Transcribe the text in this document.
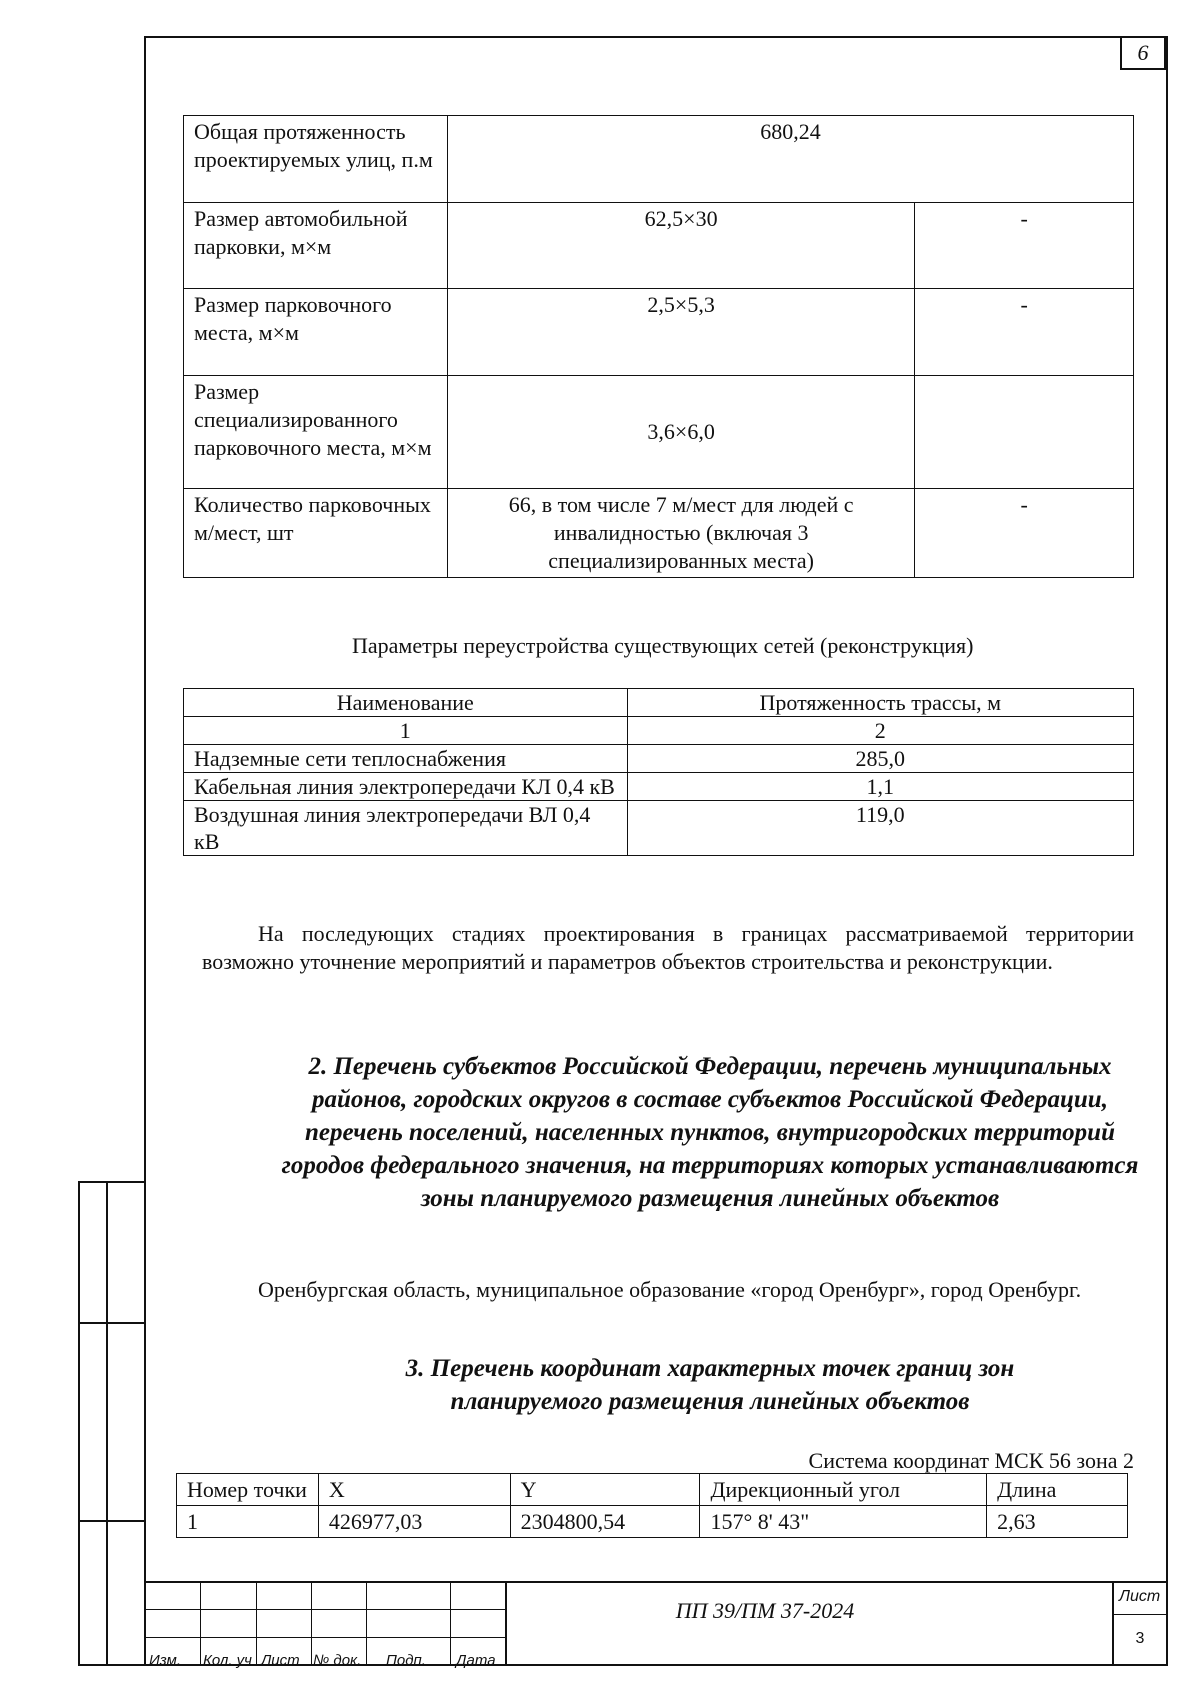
6
Общая протяженность проектируемых улиц, п.м	680,24	
Размер автомобильной парковки, м×м	62,5×30	-
Размер парковочного места, м×м	2,5×5,3	-
Размер специализированного парковочного места, м×м	3,6×6,0	
Количество парковочных м/мест, шт	66, в том числе 7 м/мест для людей с инвалидностью (включая 3 специализированных места)	-
Параметры переустройства существующих сетей (реконструкция)
Наименование	Протяженность трассы, м
1	2
Надземные сети теплоснабжения	285,0
Кабельная линия электропередачи КЛ 0,4 кВ	1,1
Воздушная линия электропередачи ВЛ 0,4 кВ	119,0
На последующих стадиях проектирования в границах рассматриваемой территории возможно уточнение мероприятий и параметров объектов строительства и реконструкции.
2. Перечень субъектов Российской Федерации, перечень муниципальных районов, городских округов в составе субъектов Российской Федерации, перечень поселений, населенных пунктов, внутригородских территорий городов федерального значения, на территориях которых устанавливаются зоны планируемого размещения линейных объектов
Оренбургская область, муниципальное образование «город Оренбург», город Оренбург.
3. Перечень координат характерных точек границ зон планируемого размещения линейных объектов
Система координат МСК 56 зона 2
Номер точки	X	Y	Дирекционный угол	Длина
1	426977,03	2304800,54	157° 8' 43"	2,63
Изм. Кол. уч Лист № док. Подп. Дата
ПП 39/ПМ 37-2024
Лист
3
